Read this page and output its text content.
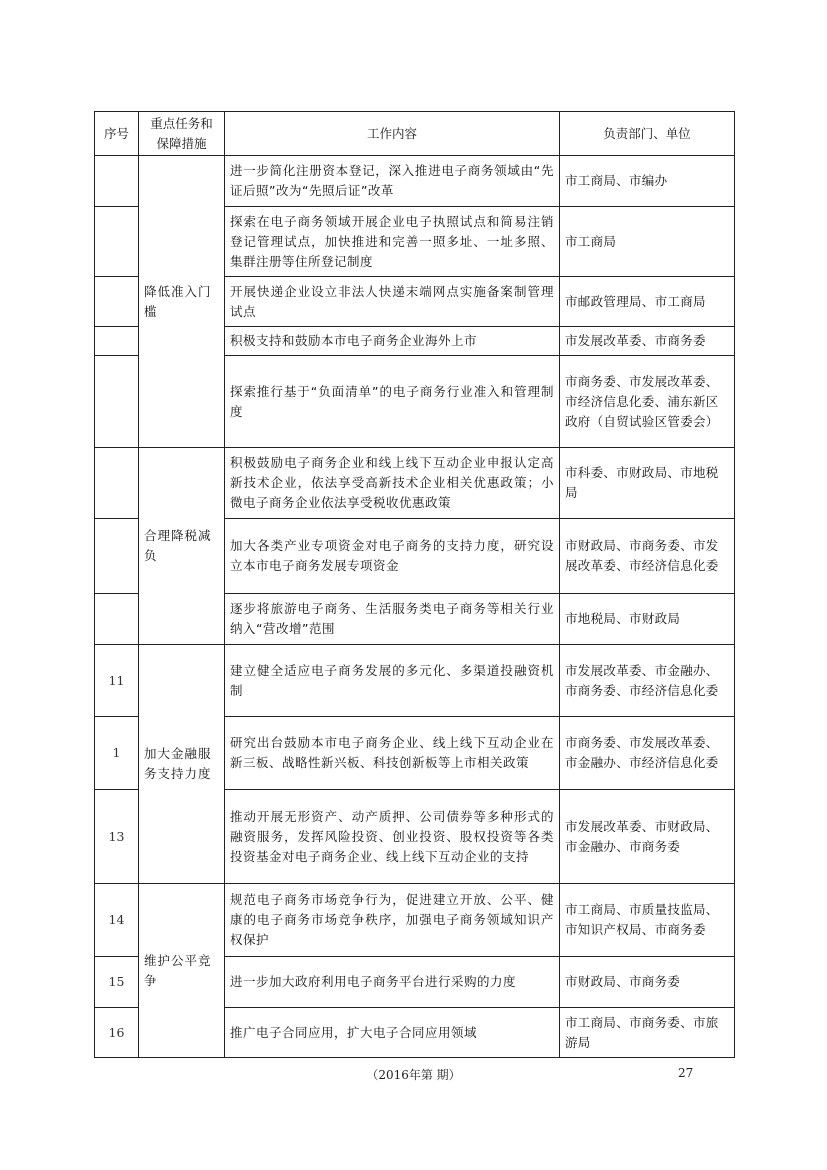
序号	重点任务和保障措施	工作内容	负责部门、单位
	降低准入门槛	进一步简化注册资本登记，深入推进电子商务领域由“先证后照”改为“先照后证”改革	市工商局、市编办
		探索在电子商务领域开展企业电子执照试点和简易注销登记管理试点，加快推进和完善一照多址、一址多照、集群注册等住所登记制度	市工商局
		开展快递企业设立非法人快递末端网点实施备案制管理试点	市邮政管理局、市工商局
		积极支持和鼓励本市电子商务企业海外上市	市发展改革委、市商务委
		探索推行基于“负面清单”的电子商务行业准入和管理制度	市商务委、市发展改革委、市经济信息化委、浦东新区政府（自贸试验区管委会）
	合理降税减负	积极鼓励电子商务企业和线上线下互动企业申报认定高新技术企业，依法享受高新技术企业相关优惠政策；小微电子商务企业依法享受税收优惠政策	市科委、市财政局、市地税局
		加大各类产业专项资金对电子商务的支持力度，研究设立本市电子商务发展专项资金	市财政局、市商务委、市发展改革委、市经济信息化委
		逐步将旅游电子商务、生活服务类电子商务等相关行业纳入“营改增”范围	市地税局、市财政局
11	加大金融服务支持力度	建立健全适应电子商务发展的多元化、多渠道投融资机制	市发展改革委、市金融办、市商务委、市经济信息化委
1		研究出台鼓励本市电子商务企业、线上线下互动企业在新三板、战略性新兴板、科技创新板等上市相关政策	市商务委、市发展改革委、市金融办、市经济信息化委
13		推动开展无形资产、动产质押、公司债券等多种形式的融资服务，发挥风险投资、创业投资、股权投资等各类投资基金对电子商务企业、线上线下互动企业的支持	市发展改革委、市财政局、市金融办、市商务委
14	维护公平竞争	规范电子商务市场竞争行为，促进建立开放、公平、健康的电子商务市场竞争秩序，加强电子商务领域知识产权保护	市工商局、市质量技监局、市知识产权局、市商务委
15		进一步加大政府利用电子商务平台进行采购的力度	市财政局、市商务委
16		推广电子合同应用，扩大电子合同应用领域	市工商局、市商务委、市旅游局
（2016年第 期）	27
